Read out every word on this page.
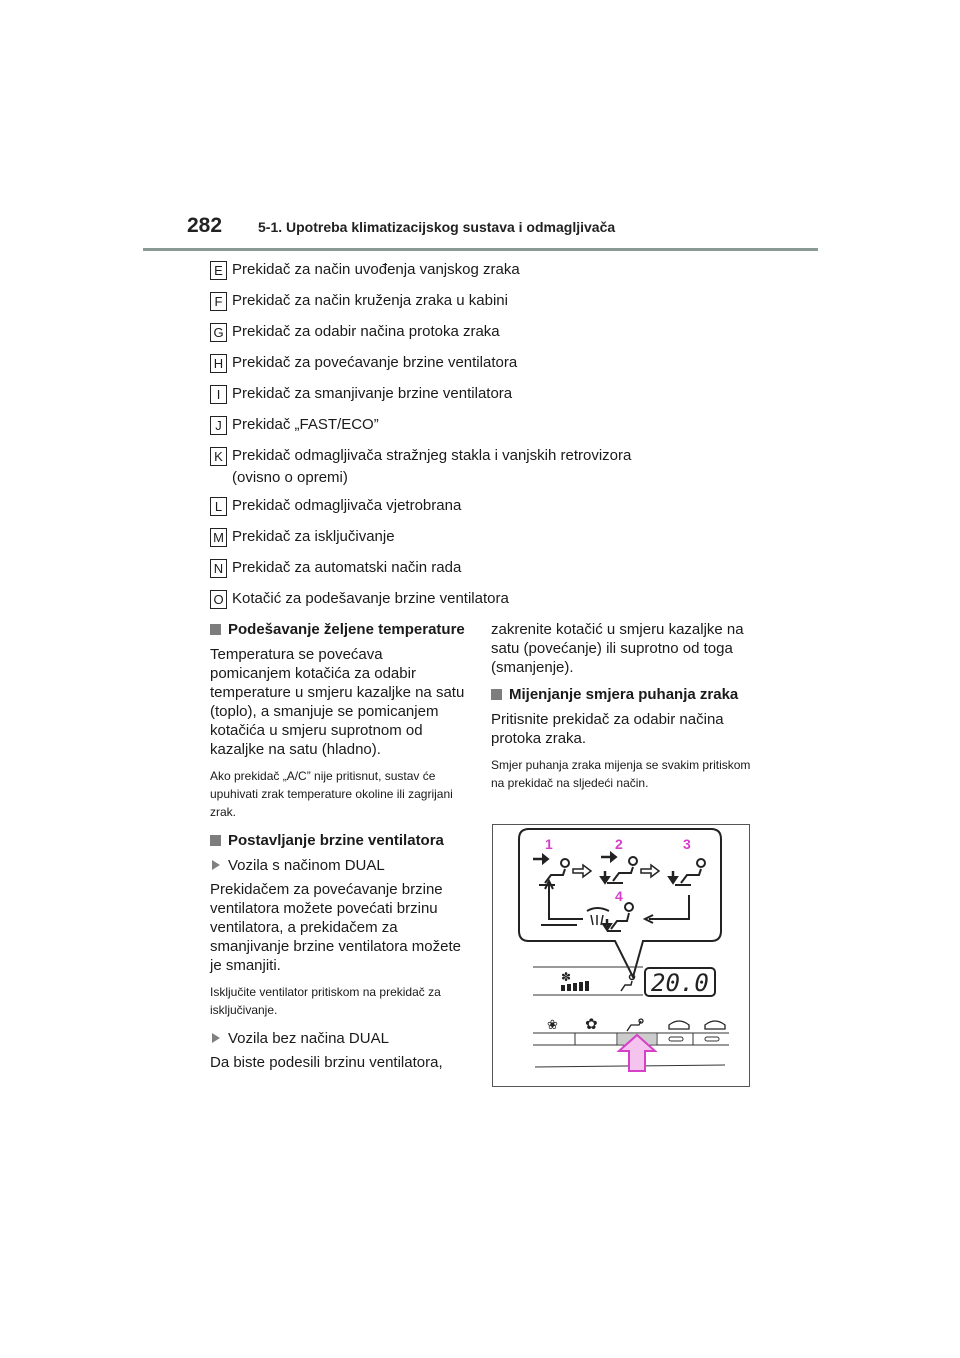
282	5-1. Upotreba klimatizacijskog sustava i odmagljivača
E Prekidač za način uvođenja vanjskog zraka
F Prekidač za način kruženja zraka u kabini
G Prekidač za odabir načina protoka zraka
H Prekidač za povećavanje brzine ventilatora
I Prekidač za smanjivanje brzine ventilatora
J Prekidač „FAST/ECO”
K Prekidač odmagljivača stražnjeg stakla i vanjskih retrovizora
(ovisno o opremi)
L Prekidač odmagljivača vjetrobrana
M Prekidač za isključivanje
N Prekidač za automatski način rada
O Kotačić za podešavanje brzine ventilatora
Podešavanje željene temperature

Temperatura se povećava pomicanjem kotačića za odabir temperature u smjeru kazaljke na satu (toplo), a smanjuje se pomicanjem kotačića u smjeru suprotnom od kazaljke na satu (hladno).

Ako prekidač „A/C” nije pritisnut, sustav će upuhivati zrak temperature okoline ili zagrijani zrak.

Postavljanje brzine ventilatora

Vozila s načinom DUAL

Prekidačem za povećavanje brzine ventilatora možete povećati brzinu ventilatora, a prekidačem za smanjivanje brzine ventilatora možete je smanjiti.

Isključite ventilator pritiskom na prekidač za isključivanje.

Vozila bez načina DUAL

Da biste podesili brzinu ventilatora,

zakrenite kotačić u smjeru kazaljke na satu (povećanje) ili suprotno od toga (smanjenje).

Mijenjanje smjera puhanja zraka

Pritisnite prekidač za odabir načina protoka zraka.

Smjer puhanja zraka mijenja se svakim pritiskom na prekidač na sljedeći način.

1	2	3
4
✽	20.0
❀ ✿
